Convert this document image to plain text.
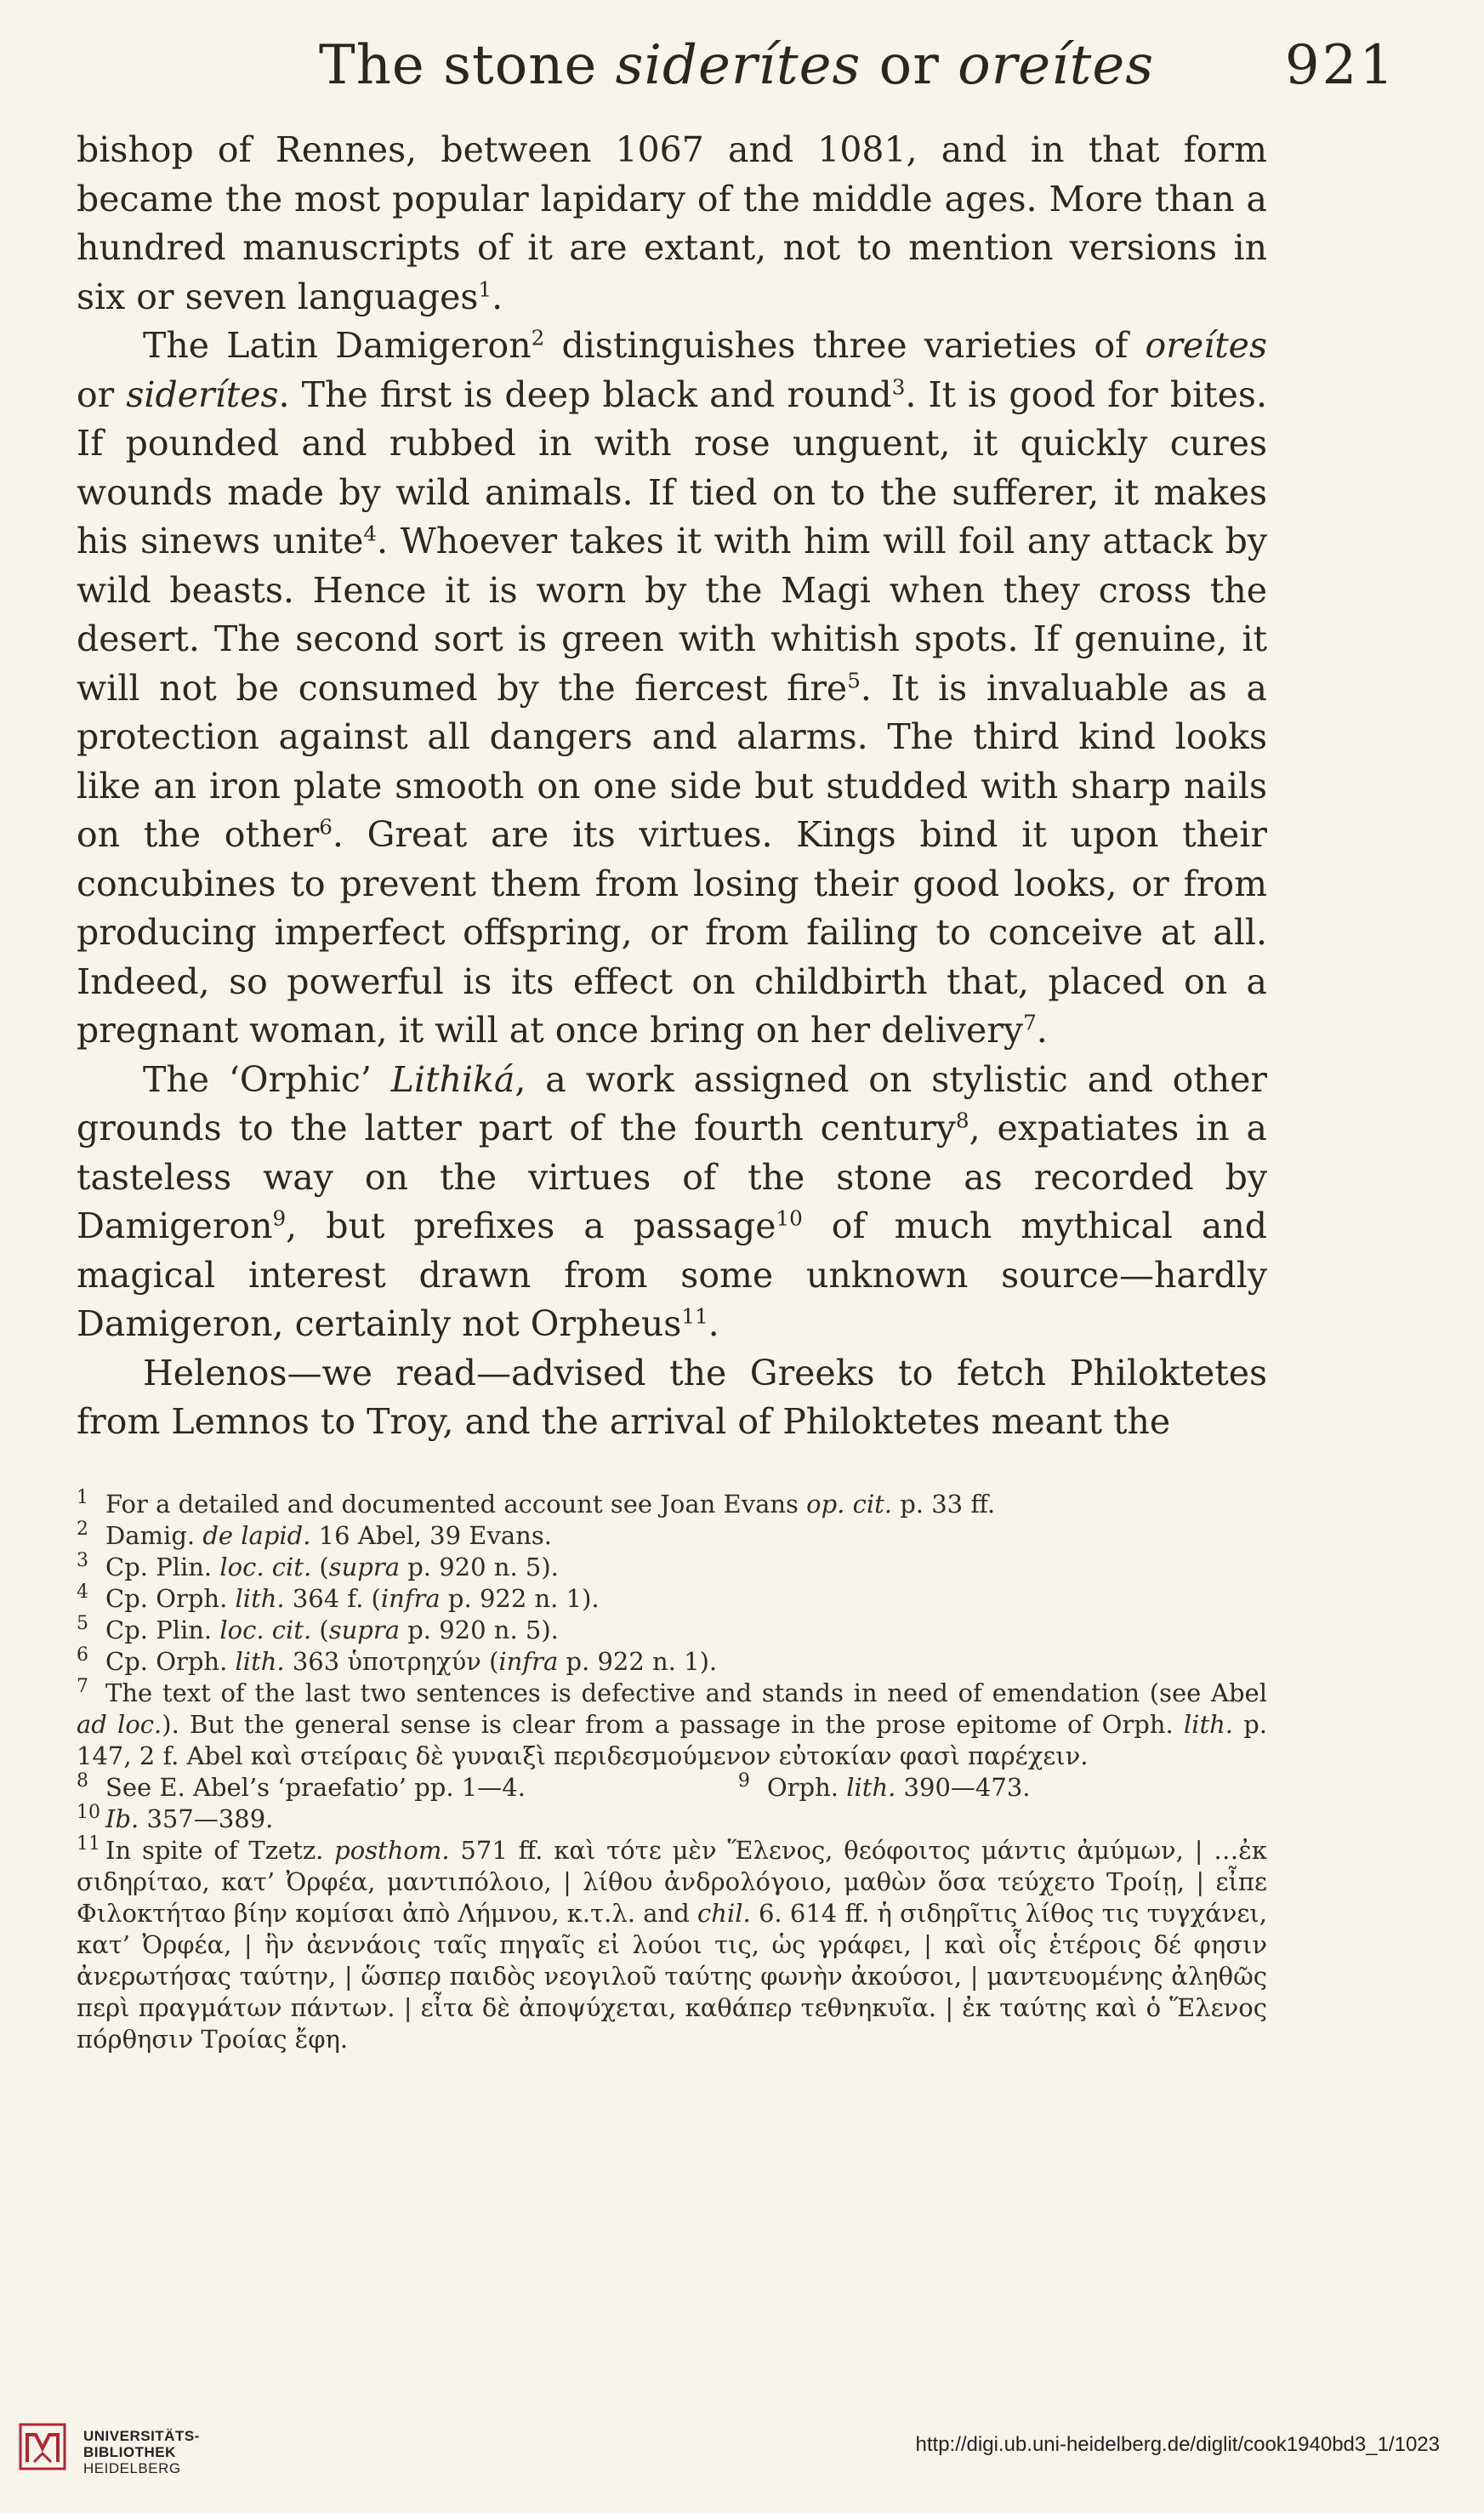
The stone siderítes or oreítes 921

bishop of Rennes, between 1067 and 1081, and in that form became the most popular lapidary of the middle ages. More than a hundred manuscripts of it are extant, not to mention versions in six or seven languages$^1$.

The Latin Damigeron$^2$ distinguishes three varieties of oreítes or siderítes. The first is deep black and round$^3$. It is good for bites. If pounded and rubbed in with rose unguent, it quickly cures wounds made by wild animals. If tied on to the sufferer, it makes his sinews unite$^4$. Whoever takes it with him will foil any attack by wild beasts. Hence it is worn by the Magi when they cross the desert. The second sort is green with whitish spots. If genuine, it will not be consumed by the fiercest fire$^5$. It is invaluable as a protection against all dangers and alarms. The third kind looks like an iron plate smooth on one side but studded with sharp nails on the other$^6$. Great are its virtues. Kings bind it upon their concubines to prevent them from losing their good looks, or from producing imperfect offspring, or from failing to conceive at all. Indeed, so powerful is its effect on childbirth that, placed on a pregnant woman, it will at once bring on her delivery$^7$.

The ‘Orphic’ Lithiká, a work assigned on stylistic and other grounds to the latter part of the fourth century$^8$, expatiates in a tasteless way on the virtues of the stone as recorded by Damigeron$^9$, but prefixes a passage$^{10}$ of much mythical and magical interest drawn from some unknown source—hardly Damigeron, certainly not Orpheus$^{11}$.

Helenos—we read—advised the Greeks to fetch Philoktetes from Lemnos to Troy, and the arrival of Philoktetes meant the

1 For a detailed and documented account see Joan Evans op. cit. p. 33 ff.

2 Damig. de lapid. 16 Abel, 39 Evans.

3 Cp. Plin. loc. cit. (supra p. 920 n. 5).

4 Cp. Orph. lith. 364 f. (infra p. 922 n. 1).

5 Cp. Plin. loc. cit. (supra p. 920 n. 5).

6 Cp. Orph. lith. 363 ὑποτρηχύν (infra p. 922 n. 1).

7 The text of the last two sentences is defective and stands in need of emendation (see Abel ad loc.). But the general sense is clear from a passage in the prose epitome of Orph. lith. p. 147, 2 f. Abel καὶ στείραις δὲ γυναιξὶ περιδεσμούμενον εὐτοκίαν φασὶ παρέχειν.

8 See E. Abel’s ‘praefatio’ pp. 1—4.	9 Orph. lith. 390—473.

10 Ib. 357—389.

11 In spite of Tzetz. posthom. 571 ff. καὶ τότε μὲν Ἕλενος, θεόφοιτος μάντις ἀμύμων, | …ἐκ σιδηρίταο, κατ’ Ὀρφέα, μαντιπόλοιο, | λίθου ἀνδρολόγοιο, μαθὼν ὅσα τεύχετο Τροίῃ, | εἶπε Φιλοκτήταο βίην κομίσαι ἀπὸ Λήμνου, κ.τ.λ. and chil. 6. 614 ff. ἡ σιδηρῖτις λίθος τις τυγχάνει, κατ’ Ὀρφέα, | ἣν ἀεννάοις ταῖς πηγαῖς εἰ λούοι τις, ὡς γράφει, | καὶ οἷς ἑτέροις δέ φησιν ἀνερωτήσας ταύτην, | ὥσπερ παιδὸς νεογιλοῦ ταύτης φωνὴν ἀκούσοι, | μαντευομένης ἀληθῶς περὶ πραγμάτων πάντων. | εἶτα δὲ ἀποψύχεται, καθάπερ τεθνηκυῖα. | ἐκ ταύτης καὶ ὁ Ἕλενος πόρθησιν Τροίας ἔφη.

UNIVERSITÄTS-
BIBLIOTHEK
HEIDELBERG
http://digi.ub.uni-heidelberg.de/diglit/cook1940bd3_1/1023
